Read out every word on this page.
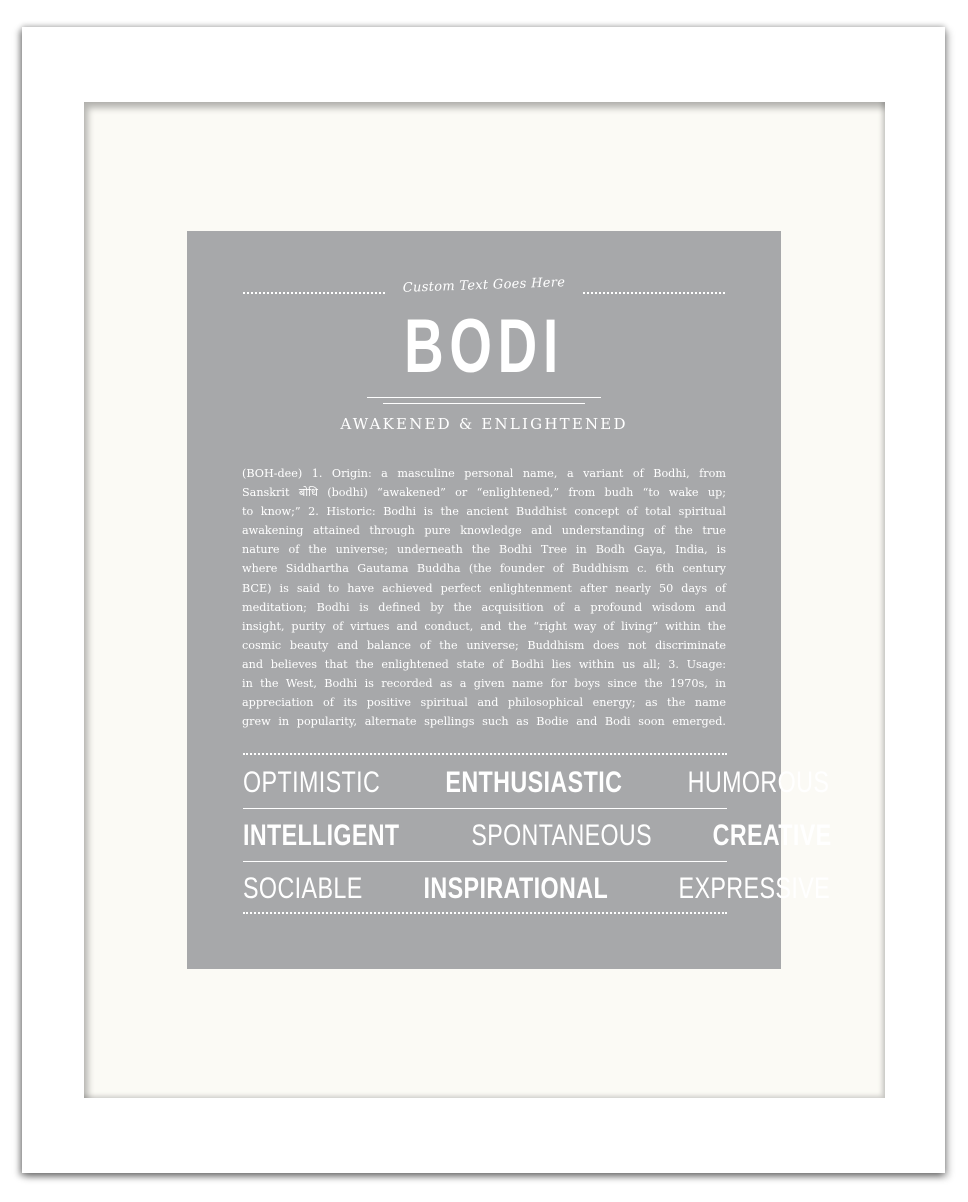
Custom Text Goes Here
BODI
AWAKENED & ENLIGHTENED
(BOH-dee) 1. Origin: a masculine personal name, a variant of Bodhi, from
Sanskrit बोधि (bodhi) “awakened” or “enlightened,” from budh “to wake up;
to know;” 2. Historic: Bodhi is the ancient Buddhist concept of total spiritual
awakening attained through pure knowledge and understanding of the true
nature of the universe; underneath the Bodhi Tree in Bodh Gaya, India, is
where Siddhartha Gautama Buddha (the founder of Buddhism c. 6th century
BCE) is said to have achieved perfect enlightenment after nearly 50 days of
meditation; Bodhi is defined by the acquisition of a profound wisdom and
insight, purity of virtues and conduct, and the “right way of living” within the
cosmic beauty and balance of the universe; Buddhism does not discriminate
and believes that the enlightened state of Bodhi lies within us all; 3. Usage:
in the West, Bodhi is recorded as a given name for boys since the 1970s, in
appreciation of its positive spiritual and philosophical energy; as the name
grew in popularity, alternate spellings such as Bodie and Bodi soon emerged.
OPTIMISTIC ENTHUSIASTIC HUMOROUS
INTELLIGENT SPONTANEOUS CREATIVE
SOCIABLE INSPIRATIONAL EXPRESSIVE
